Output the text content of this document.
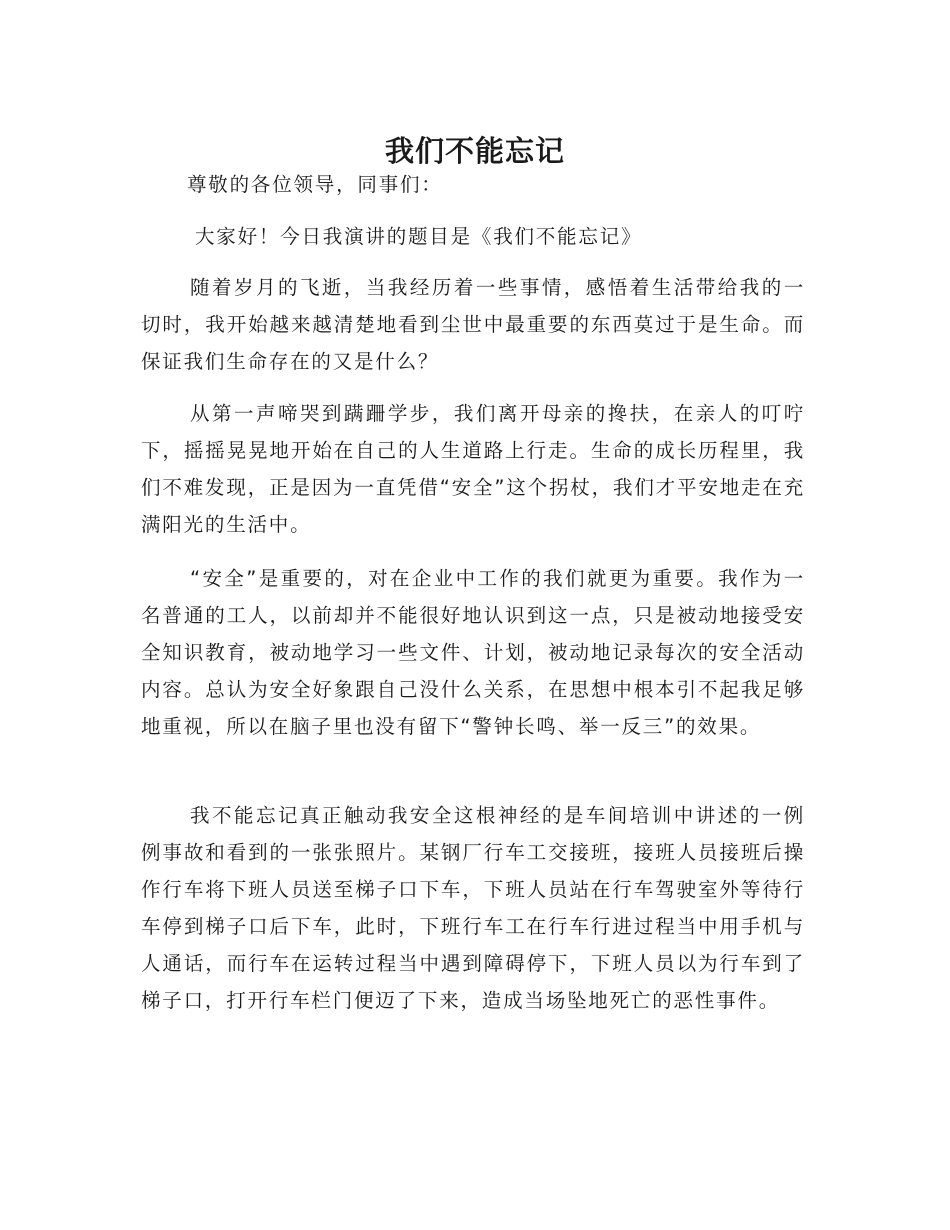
我们不能忘记

尊敬的各位领导，同事们：

大家好！今日我演讲的题目是《我们不能忘记》

随着岁月的飞逝，当我经历着一些事情，感悟着生活带给我的一切时，我开始越来越清楚地看到尘世中最重要的东西莫过于是生命。而保证我们生命存在的又是什么？

从第一声啼哭到蹒跚学步，我们离开母亲的搀扶，在亲人的叮咛下，摇摇晃晃地开始在自己的人生道路上行走。生命的成长历程里，我们不难发现，正是因为一直凭借“安全”这个拐杖，我们才平安地走在充满阳光的生活中。

“安全”是重要的，对在企业中工作的我们就更为重要。我作为一名普通的工人，以前却并不能很好地认识到这一点，只是被动地接受安全知识教育，被动地学习一些文件、计划，被动地记录每次的安全活动内容。总认为安全好象跟自己没什么关系，在思想中根本引不起我足够地重视，所以在脑子里也没有留下“警钟长鸣、举一反三”的效果。

我不能忘记真正触动我安全这根神经的是车间培训中讲述的一例例事故和看到的一张张照片。某钢厂行车工交接班，接班人员接班后操作行车将下班人员送至梯子口下车，下班人员站在行车驾驶室外等待行车停到梯子口后下车，此时，下班行车工在行车行进过程当中用手机与人通话，而行车在运转过程当中遇到障碍停下，下班人员以为行车到了梯子口，打开行车栏门便迈了下来，造成当场坠地死亡的恶性事件。
